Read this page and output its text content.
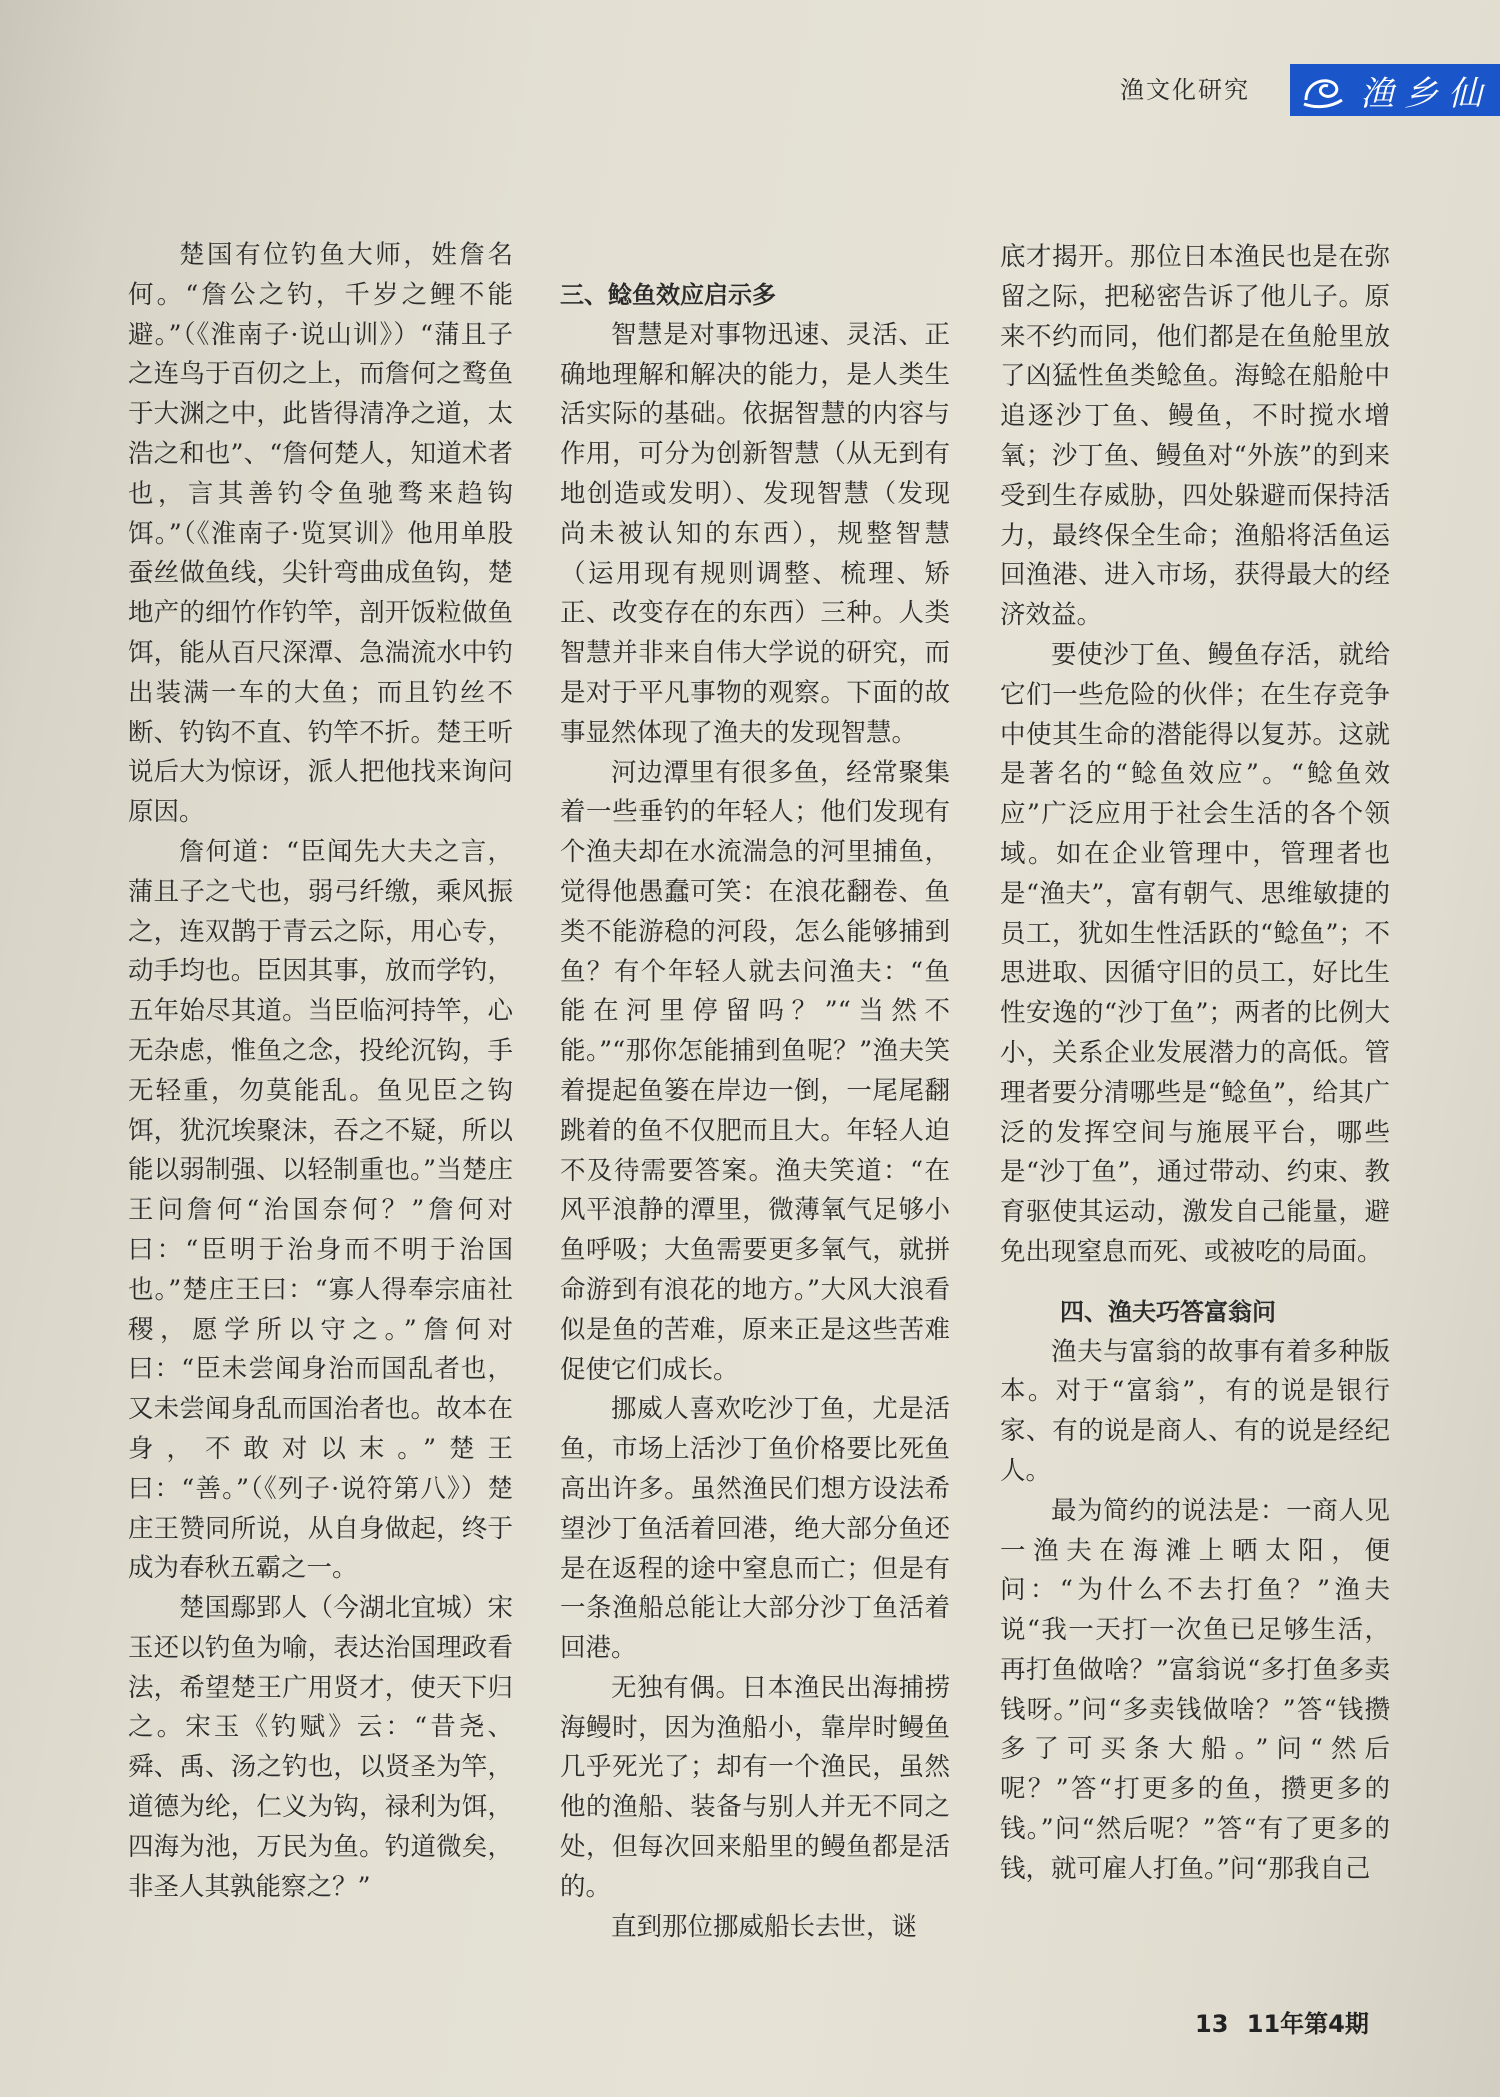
渔文化研究	渔乡仙

楚国有位钓鱼大师，姓詹名何。“詹公之钓，千岁之鲤不能避。”（《淮南子·说山训》）“蒲且子之连鸟于百仞之上，而詹何之鹜鱼于大渊之中，此皆得清净之道，太浩之和也”、“詹何楚人，知道术者也，言其善钓令鱼驰骛来趋钩饵。”（《淮南子·览冥训》他用单股蚕丝做鱼线，尖针弯曲成鱼钩，楚地产的细竹作钓竿，剖开饭粒做鱼饵，能从百尺深潭、急湍流水中钓出装满一车的大鱼；而且钓丝不断、钓钩不直、钓竿不折。楚王听说后大为惊讶，派人把他找来询问原因。

詹何道：“臣闻先大夫之言，蒲且子之弋也，弱弓纤缴，乘风振之，连双鹊于青云之际，用心专，动手均也。臣因其事，放而学钓，五年始尽其道。当臣临河持竿，心无杂虑，惟鱼之念，投纶沉钩，手无轻重，勿莫能乱。鱼见臣之钩饵，犹沉埃聚沫，吞之不疑，所以能以弱制强、以轻制重也。”当楚庄王问詹何“治国奈何？”詹何对曰：“臣明于治身而不明于治国也。”楚庄王曰：“寡人得奉宗庙社稷，愿学所以守之。”詹何对曰：“臣未尝闻身治而国乱者也，又未尝闻身乱而国治者也。故本在身，不敢对以末。”楚王曰：“善。”（《列子·说符第八》）楚庄王赞同所说，从自身做起，终于成为春秋五霸之一。

楚国鄢郢人（今湖北宜城）宋玉还以钓鱼为喻，表达治国理政看法，希望楚王广用贤才，使天下归之。宋玉《钓赋》云：“昔尧、舜、禹、汤之钓也，以贤圣为竿，道德为纶，仁义为钩，禄利为饵，四海为池，万民为鱼。钓道微矣，非圣人其孰能察之？”

三、鲶鱼效应启示多

智慧是对事物迅速、灵活、正确地理解和解决的能力，是人类生活实际的基础。依据智慧的内容与作用，可分为创新智慧（从无到有地创造或发明）、发现智慧（发现尚未被认知的东西），规整智慧（运用现有规则调整、梳理、矫正、改变存在的东西）三种。人类智慧并非来自伟大学说的研究，而是对于平凡事物的观察。下面的故事显然体现了渔夫的发现智慧。

河边潭里有很多鱼，经常聚集着一些垂钓的年轻人；他们发现有个渔夫却在水流湍急的河里捕鱼，觉得他愚蠢可笑：在浪花翻卷、鱼类不能游稳的河段，怎么能够捕到鱼？有个年轻人就去问渔夫：“鱼能在河里停留吗？”“当然不能。”“那你怎能捕到鱼呢？”渔夫笑着提起鱼篓在岸边一倒，一尾尾翻跳着的鱼不仅肥而且大。年轻人迫不及待需要答案。渔夫笑道：“在风平浪静的潭里，微薄氧气足够小鱼呼吸；大鱼需要更多氧气，就拼命游到有浪花的地方。”大风大浪看似是鱼的苦难，原来正是这些苦难促使它们成长。

挪威人喜欢吃沙丁鱼，尤是活鱼，市场上活沙丁鱼价格要比死鱼高出许多。虽然渔民们想方设法希望沙丁鱼活着回港，绝大部分鱼还是在返程的途中窒息而亡；但是有一条渔船总能让大部分沙丁鱼活着回港。

无独有偶。日本渔民出海捕捞海鳗时，因为渔船小，靠岸时鳗鱼几乎死光了；却有一个渔民，虽然他的渔船、装备与别人并无不同之处，但每次回来船里的鳗鱼都是活的。

直到那位挪威船长去世，谜

底才揭开。那位日本渔民也是在弥留之际，把秘密告诉了他儿子。原来不约而同，他们都是在鱼舱里放了凶猛性鱼类鲶鱼。海鲶在船舱中追逐沙丁鱼、鳗鱼，不时搅水增氧；沙丁鱼、鳗鱼对“外族”的到来受到生存威胁，四处躲避而保持活力，最终保全生命；渔船将活鱼运回渔港、进入市场，获得最大的经济效益。

要使沙丁鱼、鳗鱼存活，就给它们一些危险的伙伴；在生存竞争中使其生命的潜能得以复苏。这就是著名的“鲶鱼效应”。“鲶鱼效应”广泛应用于社会生活的各个领域。如在企业管理中，管理者也是“渔夫”，富有朝气、思维敏捷的员工，犹如生性活跃的“鲶鱼”；不思进取、因循守旧的员工，好比生性安逸的“沙丁鱼”；两者的比例大小，关系企业发展潜力的高低。管理者要分清哪些是“鲶鱼”，给其广泛的发挥空间与施展平台，哪些是“沙丁鱼”，通过带动、约束、教育驱使其运动，激发自己能量，避免出现窒息而死、或被吃的局面。

四、渔夫巧答富翁问

渔夫与富翁的故事有着多种版本。对于“富翁”，有的说是银行家、有的说是商人、有的说是经纪人。

最为简约的说法是：一商人见一渔夫在海滩上晒太阳，便问：“为什么不去打鱼？”渔夫说“我一天打一次鱼已足够生活，再打鱼做啥？”富翁说“多打鱼多卖钱呀。”问“多卖钱做啥？”答“钱攒多了可买条大船。”问“然后呢？”答“打更多的鱼，攒更多的钱。”问“然后呢？”答“有了更多的钱，就可雇人打鱼。”问“那我自己

13 11年第4期
